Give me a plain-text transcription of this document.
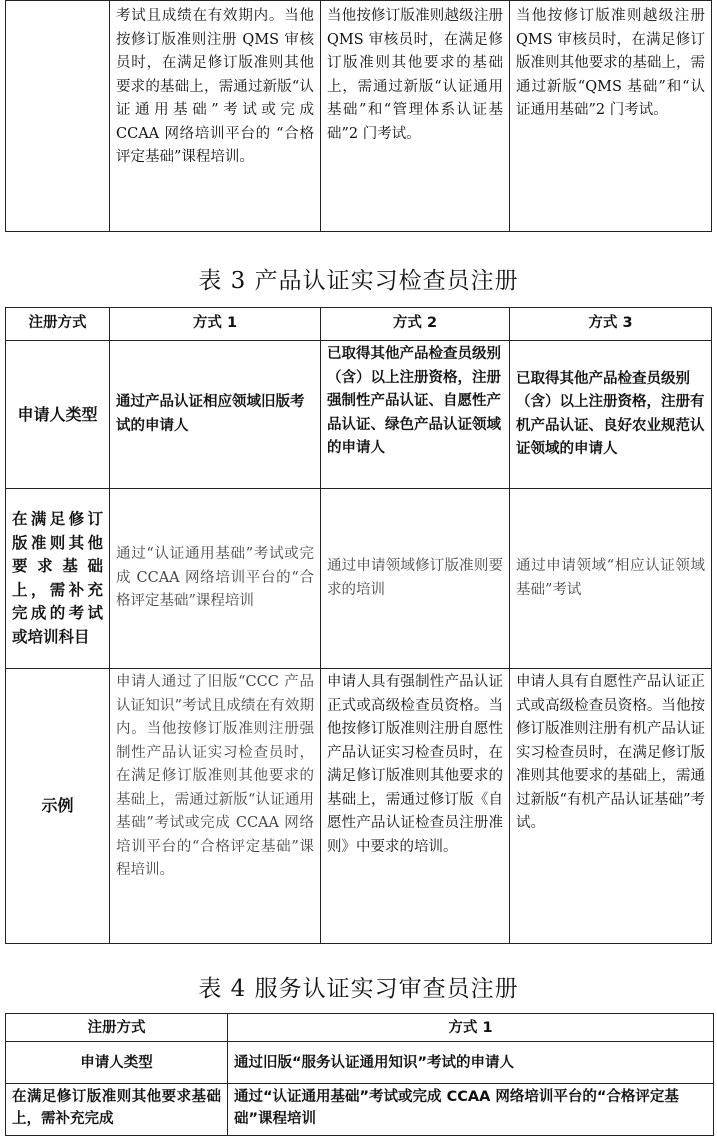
	考试且成绩在有效期内。当他按修订版准则注册 QMS 审核员时，在满足修订版准则其他要求的基础上，需通过新版“认证通用基础”考试或完成 CCAA 网络培训平台的 “合格评定基础”课程培训。	当他按修订版准则越级注册QMS 审核员时，在满足修订版准则其他要求的基础上，需通过新版“认证通用基础”和“管理体系认证基础”2 门考试。	当他按修订版准则越级注册 QMS 审核员时，在满足修订版准则其他要求的基础上，需通过新版“QMS 基础”和“认证通用基础”2 门考试。
表 3 产品认证实习检查员注册
注册方式	方式 1	方式 2	方式 3
申请人类型	通过产品认证相应领域旧版考试的申请人	已取得其他产品检查员级别（含）以上注册资格，注册强制性产品认证、自愿性产品认证、绿色产品认证领域的申请人	已取得其他产品检查员级别（含）以上注册资格，注册有机产品认证、良好农业规范认证领域的申请人
在满足修订版准则其他要求基础上，需补充完成的考试或培训科目	通过“认证通用基础”考试或完成 CCAA 网络培训平台的“合格评定基础”课程培训	通过申请领域修订版准则要求的培训	通过申请领域“相应认证领域基础”考试
示例	申请人通过了旧版“CCC 产品认证知识”考试且成绩在有效期内。当他按修订版准则注册强制性产品认证实习检查员时，在满足修订版准则其他要求的基础上，需通过新版“认证通用基础”考试或完成 CCAA 网络培训平台的“合格评定基础”课程培训。	申请人具有强制性产品认证正式或高级检查员资格。当他按修订版准则注册自愿性产品认证实习检查员时，在满足修订版准则其他要求的基础上，需通过修订版《自愿性产品认证检查员注册准则》中要求的培训。	申请人具有自愿性产品认证正式或高级检查员资格。当他按修订版准则注册有机产品认证实习检查员时，在满足修订版准则其他要求的基础上，需通过新版“有机产品认证基础”考试。
表 4 服务认证实习审查员注册
注册方式	方式 1
申请人类型	通过旧版“服务认证通用知识”考试的申请人
在满足修订版准则其他要求基础上，需补充完成	通过“认证通用基础”考试或完成 CCAA 网络培训平台的“合格评定基础”课程培训
